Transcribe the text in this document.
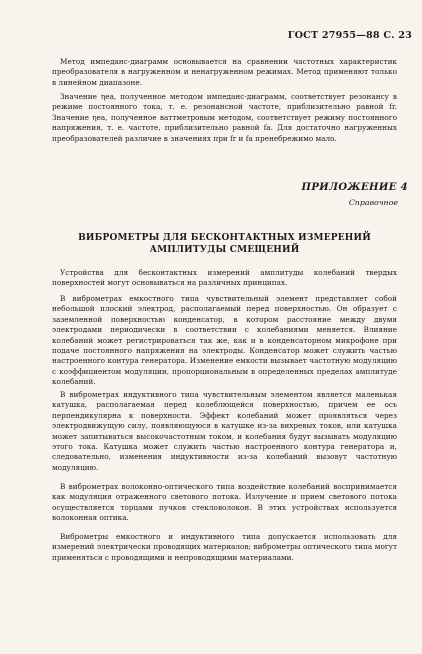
ГОСТ 27955—88 С. 23

Метод импеданс-диаграмм основывается на сравнении частотных характеристик преобразователя в нагруженном и ненагруженном режимах. Метод применяют только в линейном диапазоне.

Значение ηea, полученное методом импеданс-диаграмм, соответствует резонансу в режиме постоянного тока, т. е. резонансной частоте, приблизительно равной fr. Значение ηea, полученное ваттметровым методом, соответствует режиму постоянного напряжения, т. е. частоте, приблизительно равной fa. Для достаточно нагруженных преобразователей различие в значениях при fr и fa пренебрежимо мало.

ПРИЛОЖЕНИЕ 4
Справочное
ВИБРОМЕТРЫ ДЛЯ БЕСКОНТАКТНЫХ ИЗМЕРЕНИЙ АМПЛИТУДЫ СМЕЩЕНИЙ

Устройства для бесконтактных измерений амплитуды колебаний твердых поверхностей могут основываться на различных принципах.

В виброметрах емкостного типа чувствительный элемент представляет собой небольшой плоский электрод, располагаемый перед поверхностью. Он образует с заземленной поверхностью конденсатор, в котором расстояние между двумя электродами периодически в соответствии с колебаниями меняется. Влияние колебаний может регистрироваться так же, как и в конденсаторном микрофоне при подаче постоянного напряжения на электроды. Конденсатор может служить частью настроенного контура генератора. Изменение емкости вызывает частотную модуляцию с коэффициентом модуляции, пропорциональным в определенных пределах амплитуде колебаний.

В виброметрах индуктивного типа чувствительным элементом является маленькая катушка, располагаемая перед колеблющейся поверхностью, причем ее ось перпендикулярна к поверхности. Эффект колебаний может проявляться через электродвижущую силу, появляющуюся в катушке из-за вихревых токов, или катушка может запитываться высокочастотным током, и колебания будут вызывать модуляцию этого тока. Катушка может служить частью настроенного контура генератора и, следовательно, изменения индуктивности из-за колебаний вызовут частотную модуляцию.

В виброметрах волоконно-оптического типа воздействие колебаний воспринимается как модуляция отраженного светового потока. Излучение и прием светового потока осуществляется торцами пучков стекловолокон. В этих устройствах используется волоконная оптика.

Виброметры емкостного и индуктивного типа допускается использовать для измерений электрически проводящих материалов; виброметры оптического типа могут применяться с проводящими и непроводящими материалами.
